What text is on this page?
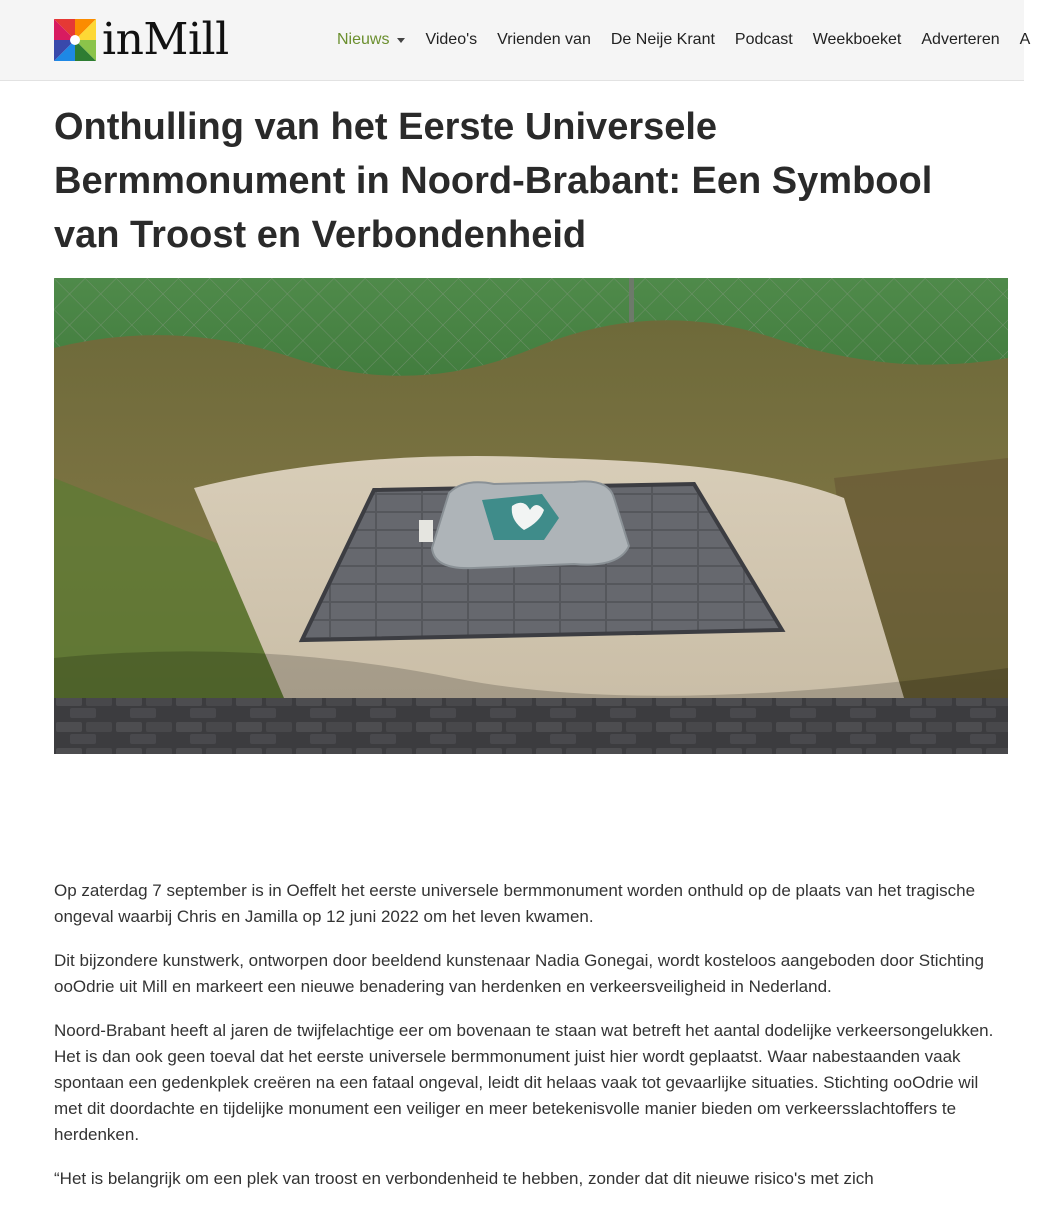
inMill	Nieuws Video's Vrienden van De Neije Krant Podcast Weekboeket Adverteren A
Onthulling van het Eerste Universele Bermmonument in Noord-Brabant: Een Symbool van Troost en Verbondenheid

Op zaterdag 7 september is in Oeffelt het eerste universele bermmonument worden onthuld op de plaats van het tragische ongeval waarbij Chris en Jamilla op 12 juni 2022 om het leven kwamen.

Dit bijzondere kunstwerk, ontworpen door beeldend kunstenaar Nadia Gonegai, wordt kosteloos aangeboden door Stichting ooOdrie uit Mill en markeert een nieuwe benadering van herdenken en verkeersveiligheid in Nederland.

Noord-Brabant heeft al jaren de twijfelachtige eer om bovenaan te staan wat betreft het aantal dodelijke verkeersongelukken. Het is dan ook geen toeval dat het eerste universele bermmonument juist hier wordt geplaatst. Waar nabestaanden vaak spontaan een gedenkplek creëren na een fataal ongeval, leidt dit helaas vaak tot gevaarlijke situaties. Stichting ooOdrie wil met dit doordachte en tijdelijke monument een veiliger en meer betekenisvolle manier bieden om verkeersslachtoffers te herdenken.

“Het is belangrijk om een plek van troost en verbondenheid te hebben, zonder dat dit nieuwe risico's met zich
